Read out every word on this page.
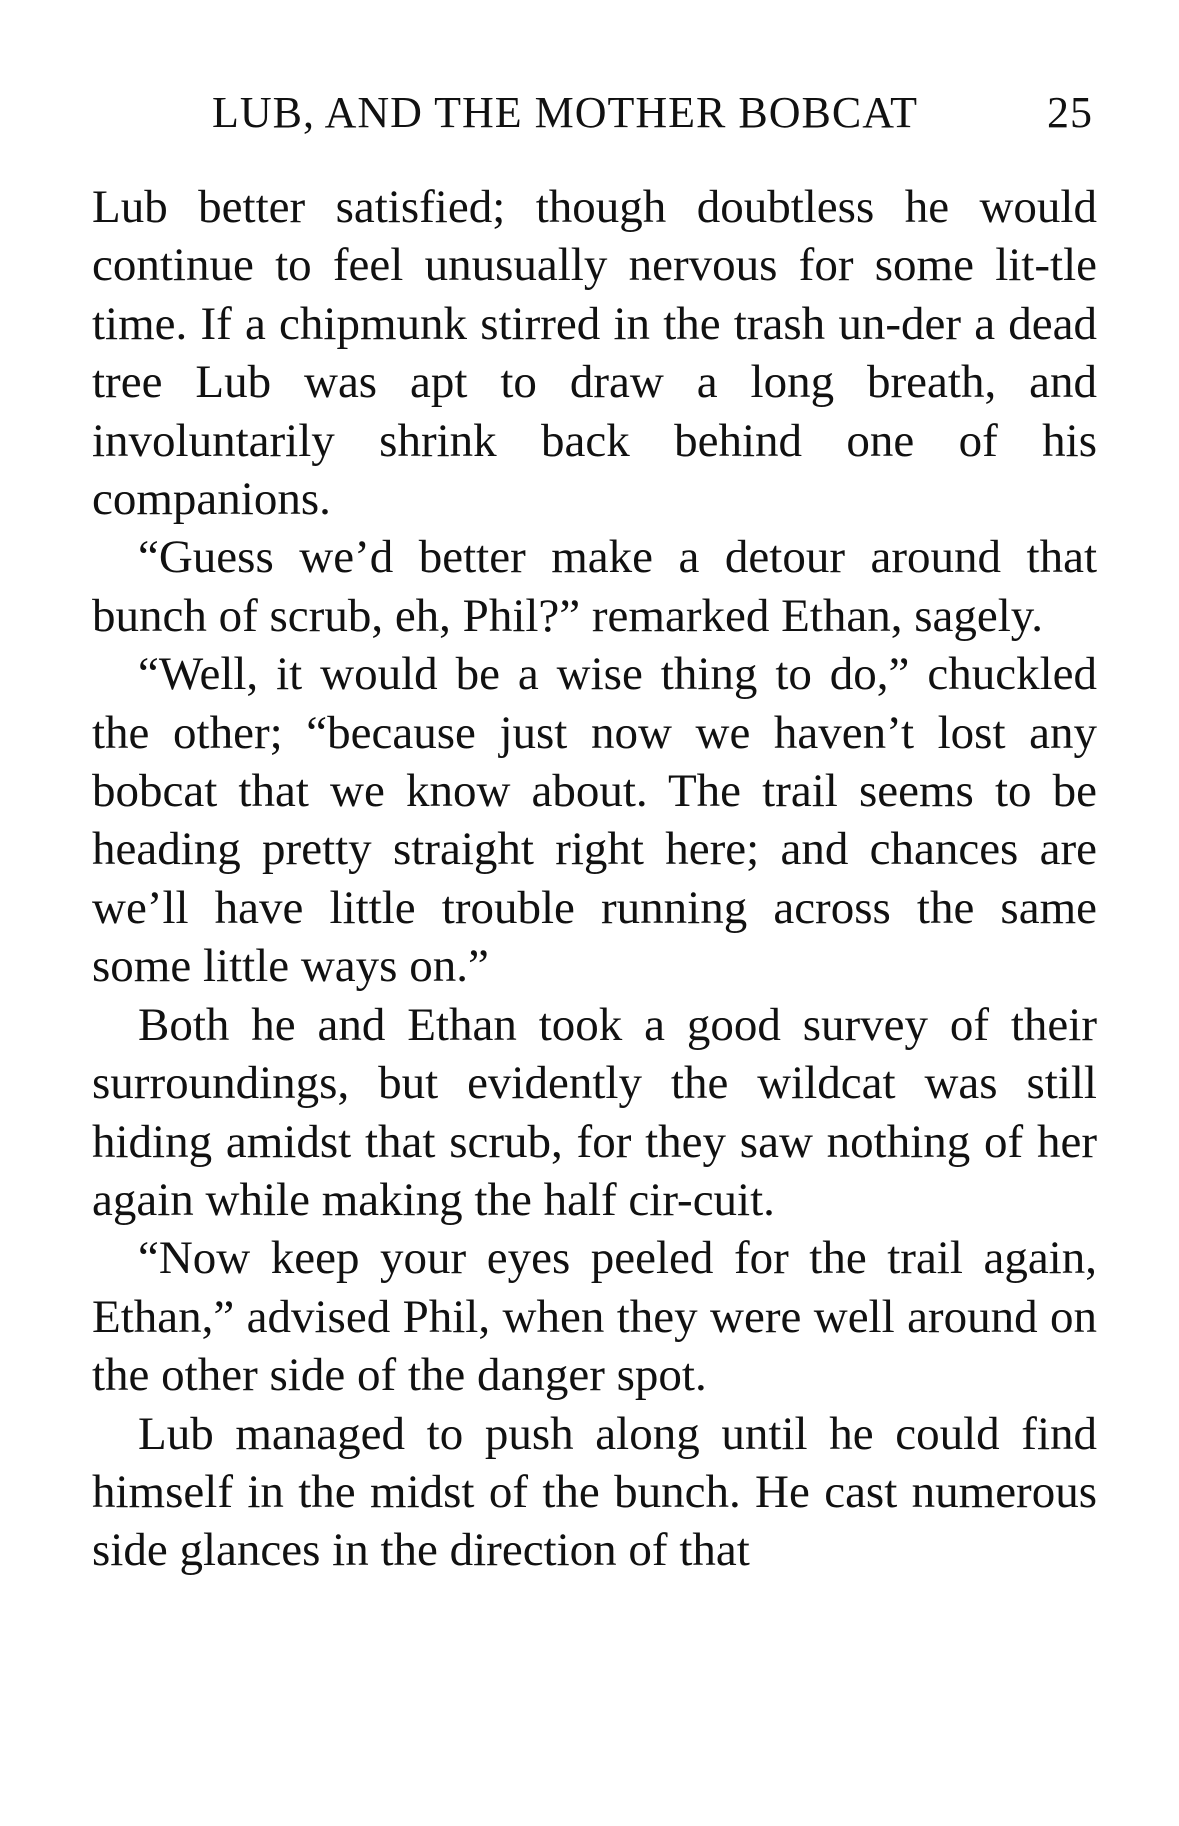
LUB, AND THE MOTHER BOBCAT	25

Lub better satisfied; though doubtless he would continue to feel unusually nervous for some lit-tle time. If a chipmunk stirred in the trash un-der a dead tree Lub was apt to draw a long breath, and involuntarily shrink back behind one of his companions.

“Guess we’d better make a detour around that bunch of scrub, eh, Phil?” remarked Ethan, sagely.

“Well, it would be a wise thing to do,” chuckled the other; “because just now we haven’t lost any bobcat that we know about. The trail seems to be heading pretty straight right here; and chances are we’ll have little trouble running across the same some little ways on.”

Both he and Ethan took a good survey of their surroundings, but evidently the wildcat was still hiding amidst that scrub, for they saw nothing of her again while making the half cir-cuit.

“Now keep your eyes peeled for the trail again, Ethan,” advised Phil, when they were well around on the other side of the danger spot.

Lub managed to push along until he could find himself in the midst of the bunch. He cast numerous side glances in the direction of that
